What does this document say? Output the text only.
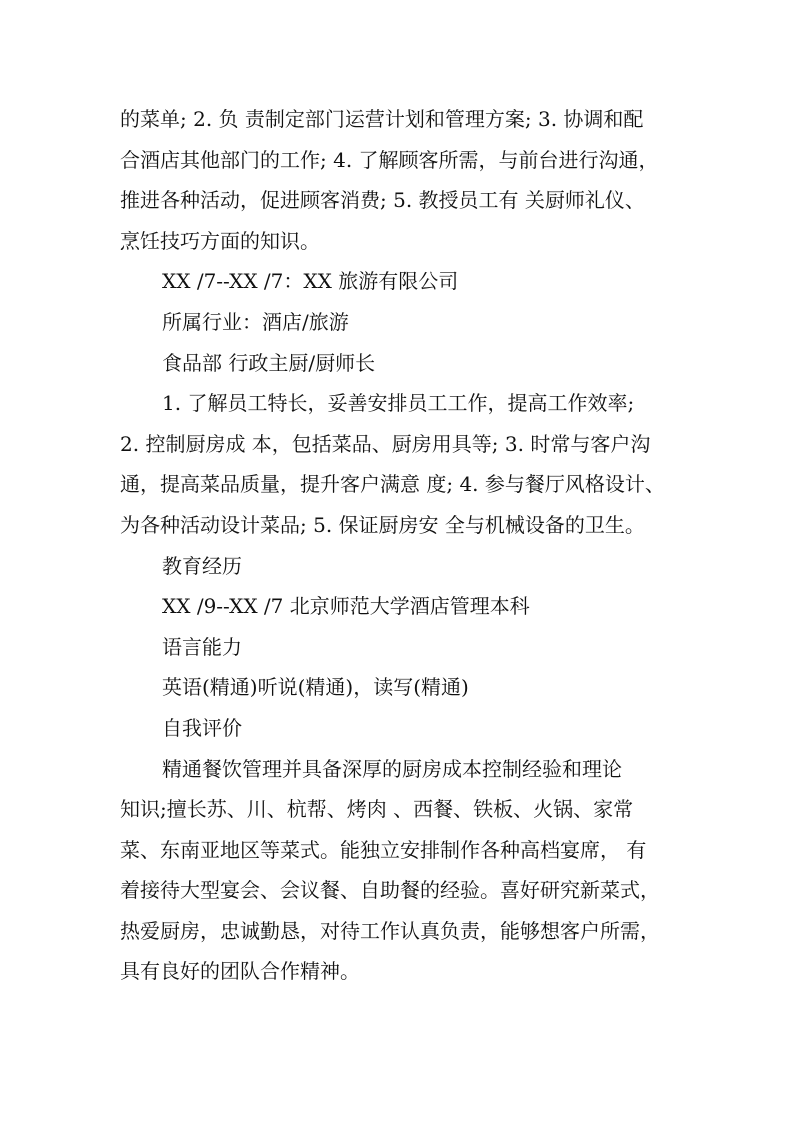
的菜单; 2. 负 责制定部门运营计划和管理方案; 3. 协调和配
合酒店其他部门的工作; 4. 了解顾客所需，与前台进行沟通，
推进各种活动，促进顾客消费; 5. 教授员工有 关厨师礼仪、
烹饪技巧方面的知识。
XX /7--XX /7：XX 旅游有限公司
所属行业：酒店/旅游
食品部 行政主厨/厨师长
1. 了解员工特长，妥善安排员工工作，提高工作效率;
2. 控制厨房成 本，包括菜品、厨房用具等; 3. 时常与客户沟
通，提高菜品质量，提升客户满意 度; 4. 参与餐厅风格设计、
为各种活动设计菜品; 5. 保证厨房安 全与机械设备的卫生。
教育经历
XX /9--XX /7 北京师范大学酒店管理本科
语言能力
英语(精通)听说(精通)，读写(精通)
自我评价
精通餐饮管理并具备深厚的厨房成本控制经验和理论
知识;擅长苏、川、杭帮、烤肉 、西餐、铁板、火锅、家常
菜、东南亚地区等菜式。能独立安排制作各种高档宴席， 有
着接待大型宴会、会议餐、自助餐的经验。喜好研究新菜式，
热爱厨房，忠诚勤恳，对待工作认真负责，能够想客户所需，
具有良好的团队合作精神。
